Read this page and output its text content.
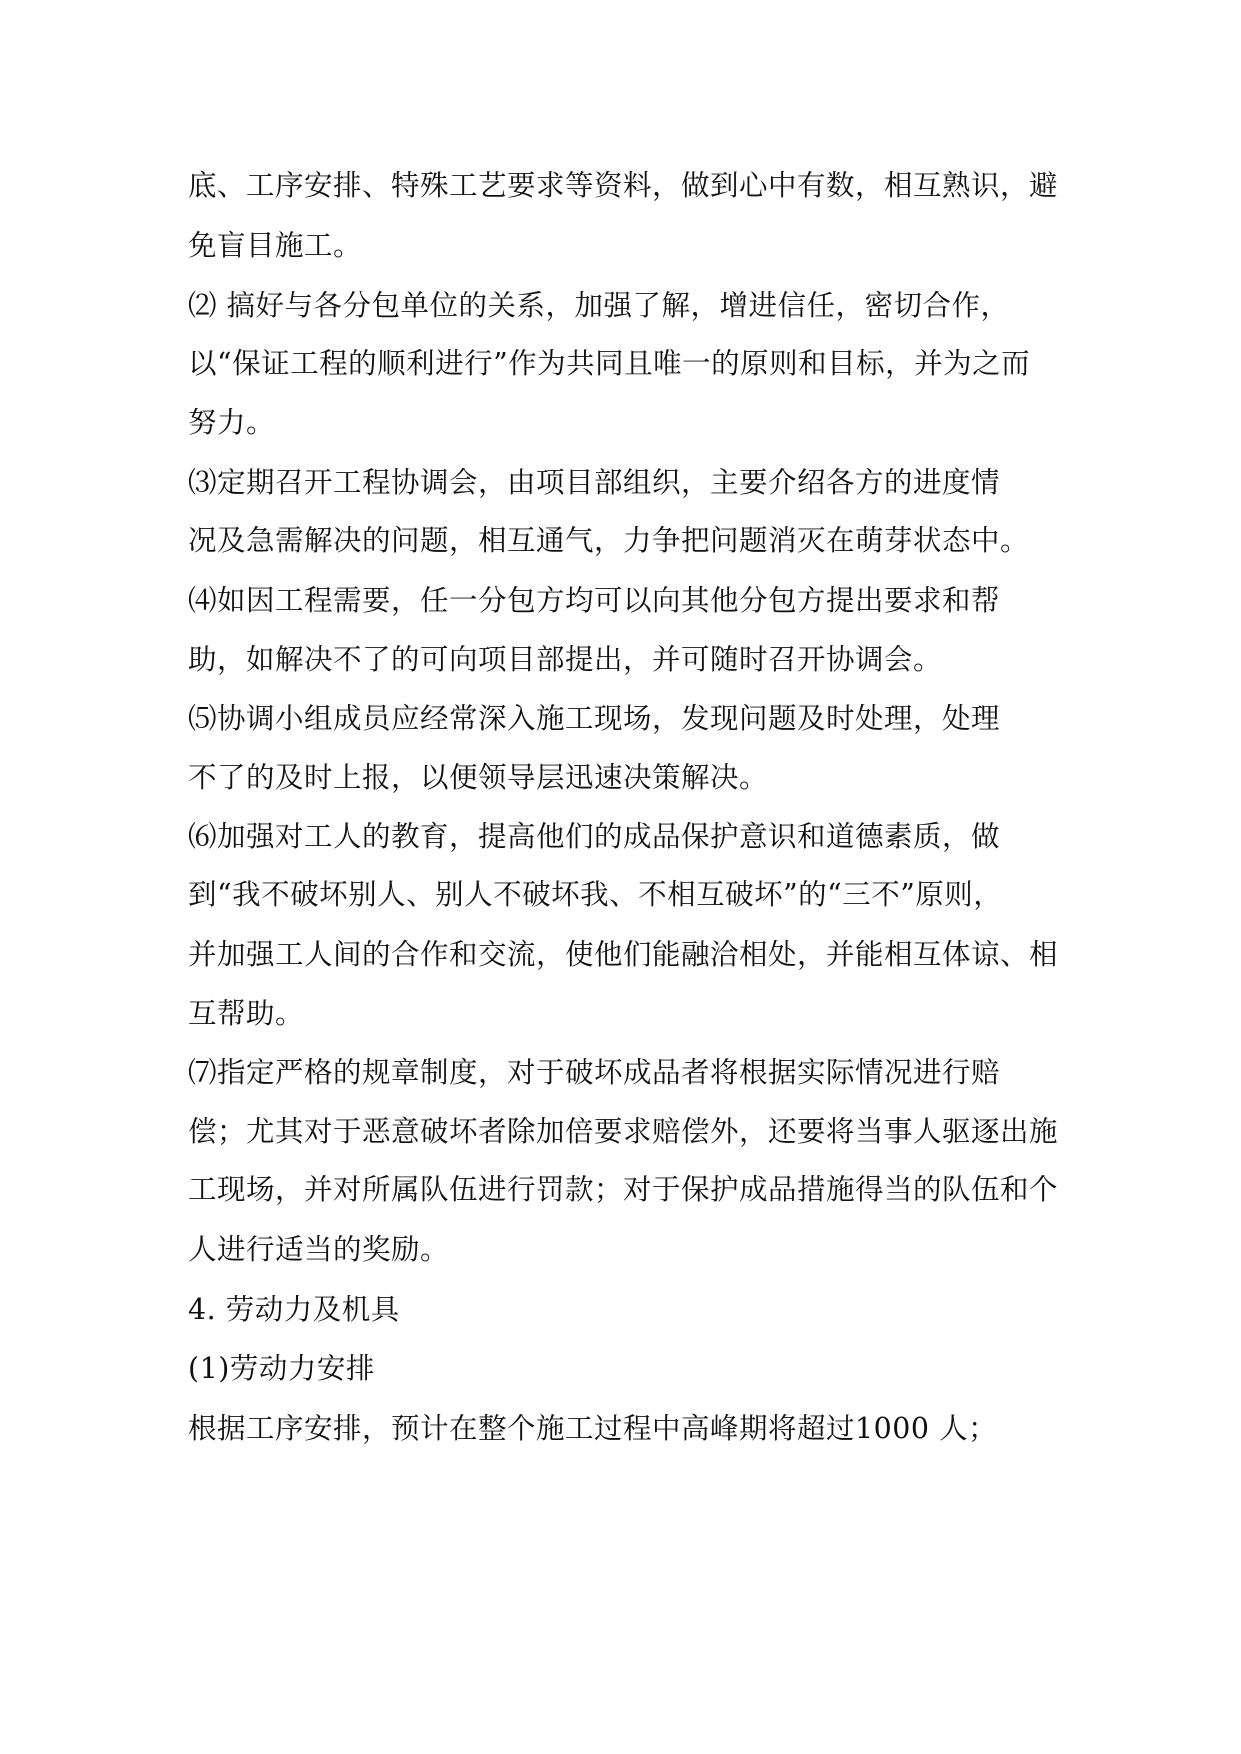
底、工序安排、特殊工艺要求等资料，做到心中有数，相互熟识，避

免盲目施工。

⑵ 搞好与各分包单位的关系，加强了解，增进信任，密切合作，

以“保证工程的顺利进行”作为共同且唯一的原则和目标，并为之而

努力。

⑶定期召开工程协调会，由项目部组织，主要介绍各方的进度情

况及急需解决的问题，相互通气，力争把问题消灭在萌芽状态中。

⑷如因工程需要，任一分包方均可以向其他分包方提出要求和帮

助，如解决不了的可向项目部提出，并可随时召开协调会。

⑸协调小组成员应经常深入施工现场，发现问题及时处理，处理

不了的及时上报，以便领导层迅速决策解决。

⑹加强对工人的教育，提高他们的成品保护意识和道德素质，做

到“我不破坏别人、别人不破坏我、不相互破坏”的“三不”原则，

并加强工人间的合作和交流，使他们能融洽相处，并能相互体谅、相

互帮助。

⑺指定严格的规章制度，对于破坏成品者将根据实际情况进行赔

偿；尤其对于恶意破坏者除加倍要求赔偿外，还要将当事人驱逐出施

工现场，并对所属队伍进行罚款；对于保护成品措施得当的队伍和个

人进行适当的奖励。

4. 劳动力及机具

(1)劳动力安排

根据工序安排，预计在整个施工过程中高峰期将超过1000 人；
